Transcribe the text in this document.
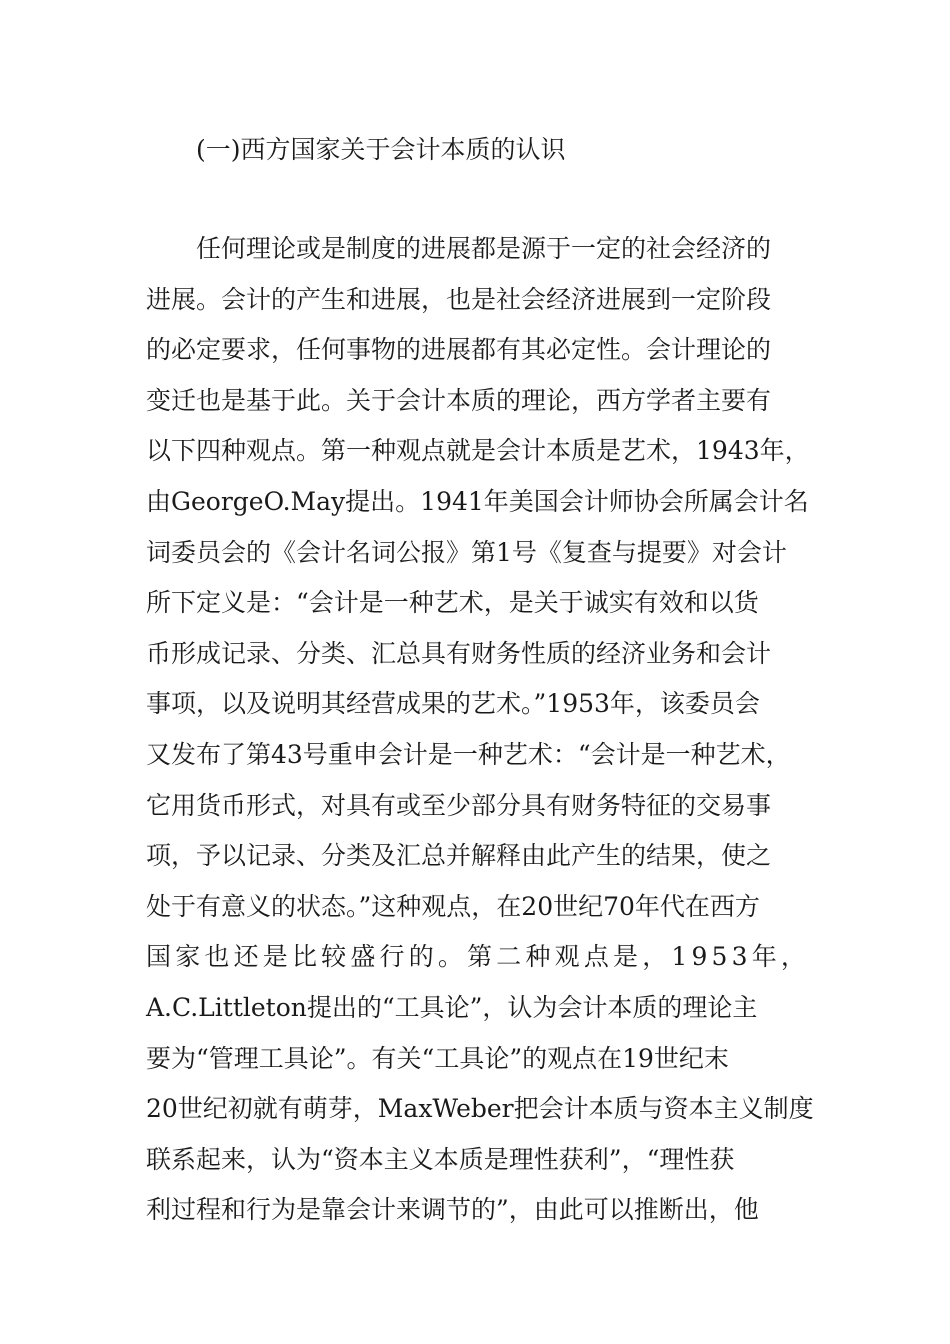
(一)西方国家关于会计本质的认识
任何理论或是制度的进展都是源于一定的社会经济的
进展。会计的产生和进展，也是社会经济进展到一定阶段
的必定要求，任何事物的进展都有其必定性。会计理论的
变迁也是基于此。关于会计本质的理论，西方学者主要有
以下四种观点。第一种观点就是会计本质是艺术，1943年，
由GeorgeO.May提出。1941年美国会计师协会所属会计名
词委员会的《会计名词公报》第1号《复查与提要》对会计
所下定义是：“会计是一种艺术，是关于诚实有效和以货
币形成记录、分类、汇总具有财务性质的经济业务和会计
事项，以及说明其经营成果的艺术。”1953年，该委员会
又发布了第43号重申会计是一种艺术：“会计是一种艺术，
它用货币形式，对具有或至少部分具有财务特征的交易事
项，予以记录、分类及汇总并解释由此产生的结果，使之
处于有意义的状态。”这种观点，在20世纪70年代在西方
国 家 也 还 是 比 较 盛 行 的 。 第 二 种 观 点 是 ， 1 9 5 3 年 ，
A.C.Littleton提出的“工具论”，认为会计本质的理论主
要为“管理工具论”。有关“工具论”的观点在19世纪末
20世纪初就有萌芽，MaxWeber把会计本质与资本主义制度
联系起来，认为“资本主义本质是理性获利”，“理性获
利过程和行为是靠会计来调节的”，由此可以推断出，他
